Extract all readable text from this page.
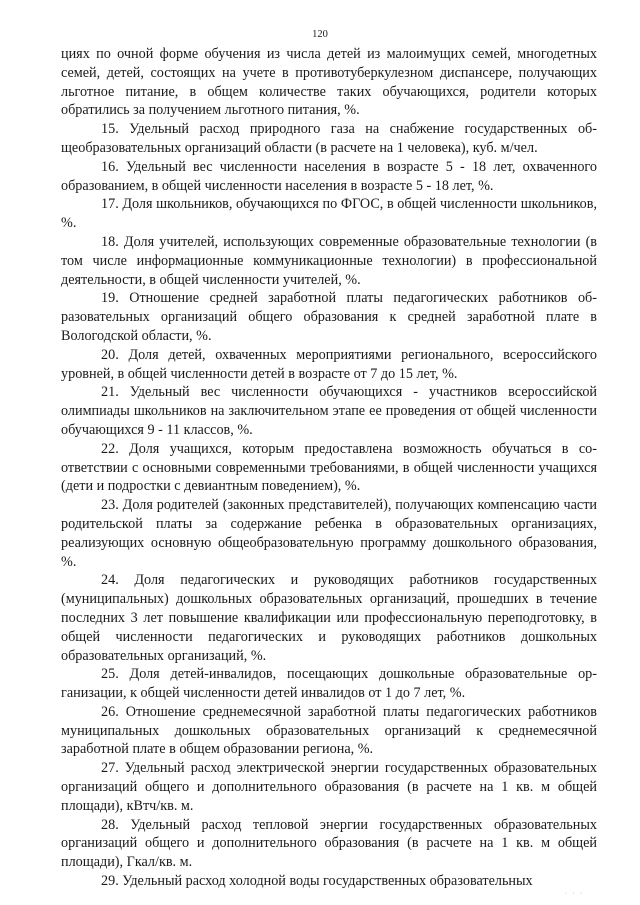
120

циях по очной форме обучения из числа детей из малоимущих семей, многодетных семей, детей, состоящих на учете в противотуберкулезном диспансере, получающих льготное питание, в общем количестве таких обучающихся, родители которых обратились за получением льготного питания, %.

15. Удельный расход природного газа на снабжение государственных общеобразовательных организаций области (в расчете на 1 человека), куб. м/чел.

16. Удельный вес численности населения в возрасте 5 - 18 лет, охваченного образованием, в общей численности населения в возрасте 5 - 18 лет, %.

17. Доля школьников, обучающихся по ФГОС, в общей численности школьников, %.

18. Доля учителей, использующих современные образовательные технологии (в том числе информационные коммуникационные технологии) в профессиональной деятельности, в общей численности учителей, %.

19. Отношение средней заработной платы педагогических работников образовательных организаций общего образования к средней заработной плате в Вологодской области, %.

20. Доля детей, охваченных мероприятиями регионального, всероссийского уровней, в общей численности детей в возрасте от 7 до 15 лет, %.

21. Удельный вес численности обучающихся - участников всероссийской олимпиады школьников на заключительном этапе ее проведения от общей численности обучающихся 9 - 11 классов, %.

22. Доля учащихся, которым предоставлена возможность обучаться в соответствии с основными современными требованиями, в общей численности учащихся (дети и подростки с девиантным поведением), %.

23. Доля родителей (законных представителей), получающих компенсацию части родительской платы за содержание ребенка в образовательных организациях, реализующих основную общеобразовательную программу дошкольного образования, %.

24. Доля педагогических и руководящих работников государственных (муниципальных) дошкольных образовательных организаций, прошедших в течение последних 3 лет повышение квалификации или профессиональную переподготовку, в общей численности педагогических и руководящих работников дошкольных образовательных организаций, %.

25. Доля детей-инвалидов, посещающих дошкольные образовательные организации, к общей численности детей инвалидов от 1 до 7 лет, %.

26. Отношение среднемесячной заработной платы педагогических работников муниципальных дошкольных образовательных организаций к среднемесячной заработной плате в общем образовании региона, %.

27. Удельный расход электрической энергии государственных образовательных организаций общего и дополнительного образования (в расчете на 1 кв. м общей площади), кВтч/кв. м.

28. Удельный расход тепловой энергии государственных образовательных организаций общего и дополнительного образования (в расчете на 1 кв. м общей площади), Гкал/кв. м.

29. Удельный расход холодной воды государственных образовательных

· · ·
